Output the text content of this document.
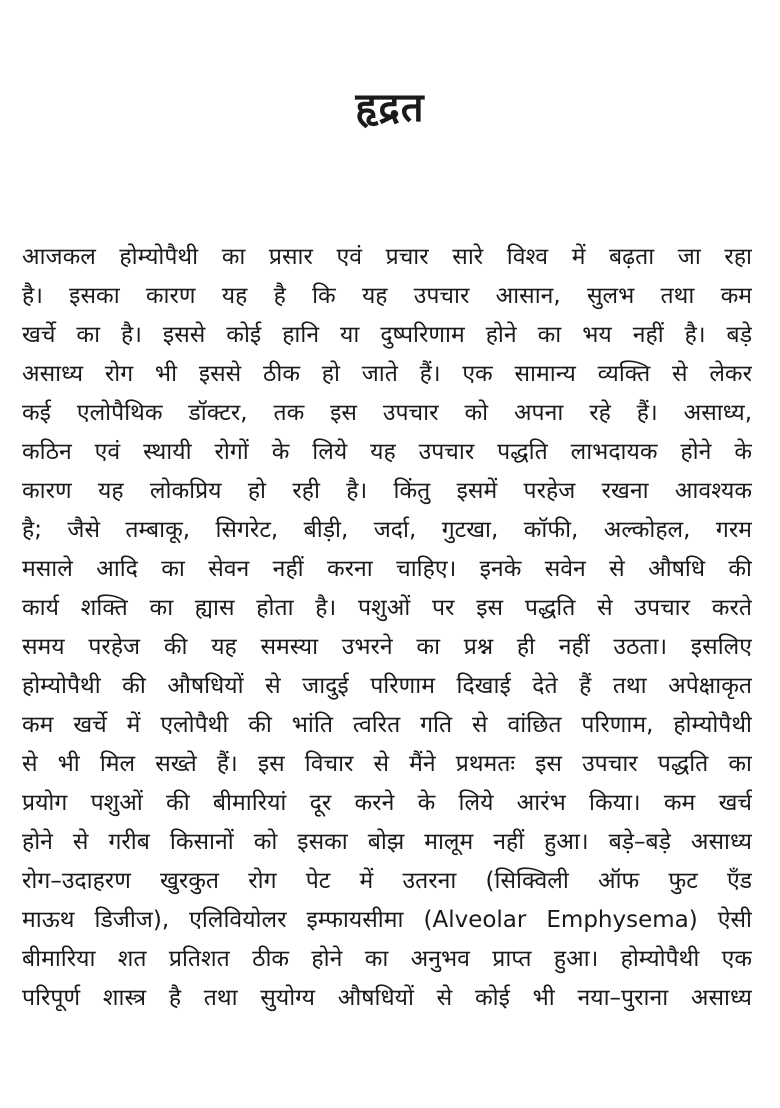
हृद्रत
आजकल होम्योपैथी का प्रसार एवं प्रचार सारे विश्व में बढ़ता जा रहा
है। इसका कारण यह है कि यह उपचार आसान, सुलभ तथा कम
खर्चे का है। इससे कोई हानि या दुष्परिणाम होने का भय नहीं है। बड़े
असाध्य रोग भी इससे ठीक हो जाते हैं। एक सामान्य व्यक्ति से लेकर
कई एलोपैथिक डॉक्टर, तक इस उपचार को अपना रहे हैं। असाध्य,
कठिन एवं स्थायी रोगों के लिये यह उपचार पद्धति लाभदायक होने के
कारण यह लोकप्रिय हो रही है। किंतु इसमें परहेज रखना आवश्यक
है; जैसे तम्बाकू, सिगरेट, बीड़ी, जर्दा, गुटखा, कॉफी, अल्कोहल, गरम
मसाले आदि का सेवन नहीं करना चाहिए। इनके सवेन से औषधि की
कार्य शक्ति का ह्यास होता है। पशुओं पर इस पद्धति से उपचार करते
समय परहेज की यह समस्या उभरने का प्रश्न ही नहीं उठता। इसलिए
होम्योपैथी की औषधियों से जादुई परिणाम दिखाई देते हैं तथा अपेक्षाकृत
कम खर्चे में एलोपैथी की भांति त्वरित गति से वांछित परिणाम, होम्योपैथी
से भी मिल सख्ते हैं। इस विचार से मैंने प्रथमतः इस उपचार पद्धति का
प्रयोग पशुओं की बीमारियां दूर करने के लिये आरंभ किया। कम खर्च
होने से गरीब किसानों को इसका बोझ मालूम नहीं हुआ। बड़े–बड़े असाध्य
रोग–उदाहरण खुरकुत रोग पेट में उतरना (सिक्विली ऑफ फुट ऍंड
माऊथ डिजीज), एलिवियोलर इम्फायसीमा (Alveolar Emphysema) ऐसी
बीमारिया शत प्रतिशत ठीक होने का अनुभव प्राप्त हुआ। होम्योपैथी एक
परिपूर्ण शास्त्र है तथा सुयोग्य औषधियों से कोई भी नया–पुराना असाध्य
